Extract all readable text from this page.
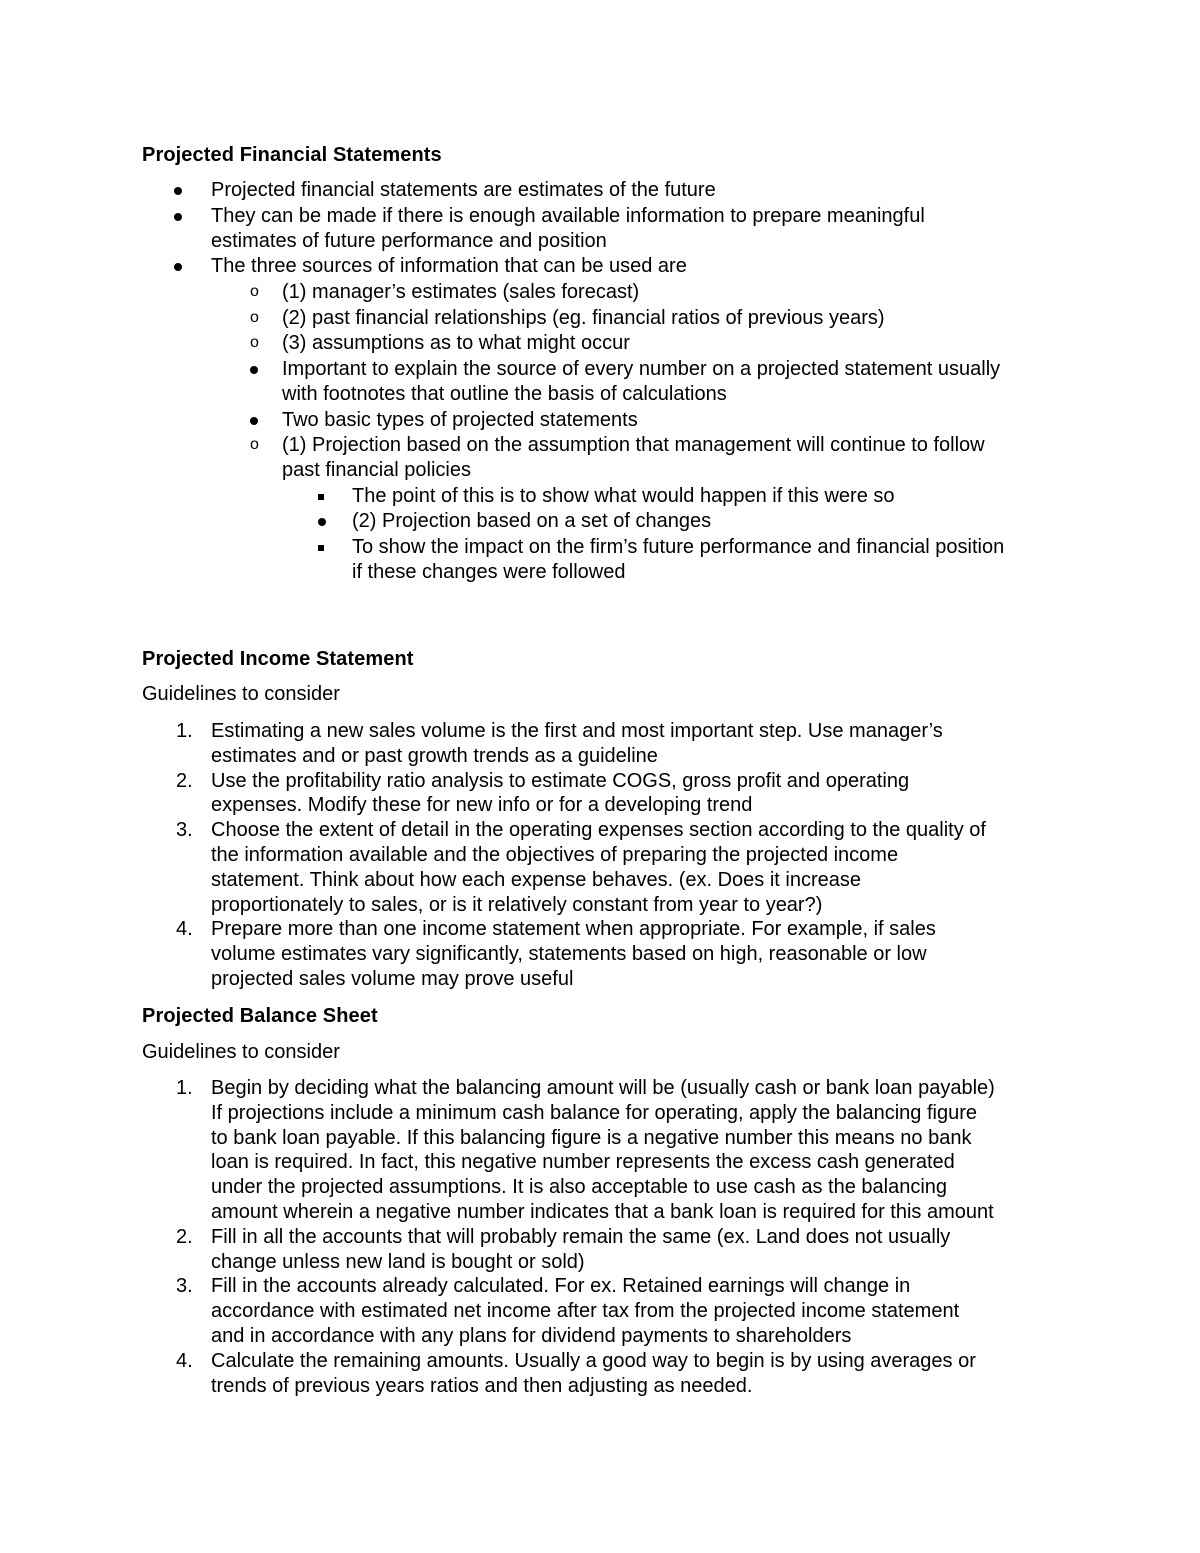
Projected Financial Statements
Projected financial statements are estimates of the future
They can be made if there is enough available information to prepare meaningful
estimates of future performance and position
The three sources of information that can be used are
o (1) manager’s estimates (sales forecast)
o (2) past financial relationships (eg. financial ratios of previous years)
o (3) assumptions as to what might occur
Important to explain the source of every number on a projected statement usually
with footnotes that outline the basis of calculations
Two basic types of projected statements
o (1) Projection based on the assumption that management will continue to follow
past financial policies
The point of this is to show what would happen if this were so
(2) Projection based on a set of changes
To show the impact on the firm’s future performance and financial position
if these changes were followed
Projected Income Statement

Guidelines to consider

1. Estimating a new sales volume is the first and most important step. Use manager’s
estimates and or past growth trends as a guideline
2. Use the profitability ratio analysis to estimate COGS, gross profit and operating
expenses. Modify these for new info or for a developing trend
3. Choose the extent of detail in the operating expenses section according to the quality of
the information available and the objectives of preparing the projected income
statement. Think about how each expense behaves. (ex. Does it increase
proportionately to sales, or is it relatively constant from year to year?)
4. Prepare more than one income statement when appropriate. For example, if sales
volume estimates vary significantly, statements based on high, reasonable or low
projected sales volume may prove useful
Projected Balance Sheet

Guidelines to consider

1. Begin by deciding what the balancing amount will be (usually cash or bank loan payable)
If projections include a minimum cash balance for operating, apply the balancing figure
to bank loan payable. If this balancing figure is a negative number this means no bank
loan is required. In fact, this negative number represents the excess cash generated
under the projected assumptions. It is also acceptable to use cash as the balancing
amount wherein a negative number indicates that a bank loan is required for this amount
2. Fill in all the accounts that will probably remain the same (ex. Land does not usually
change unless new land is bought or sold)
3. Fill in the accounts already calculated. For ex. Retained earnings will change in
accordance with estimated net income after tax from the projected income statement
and in accordance with any plans for dividend payments to shareholders
4. Calculate the remaining amounts. Usually a good way to begin is by using averages or
trends of previous years ratios and then adjusting as needed.
